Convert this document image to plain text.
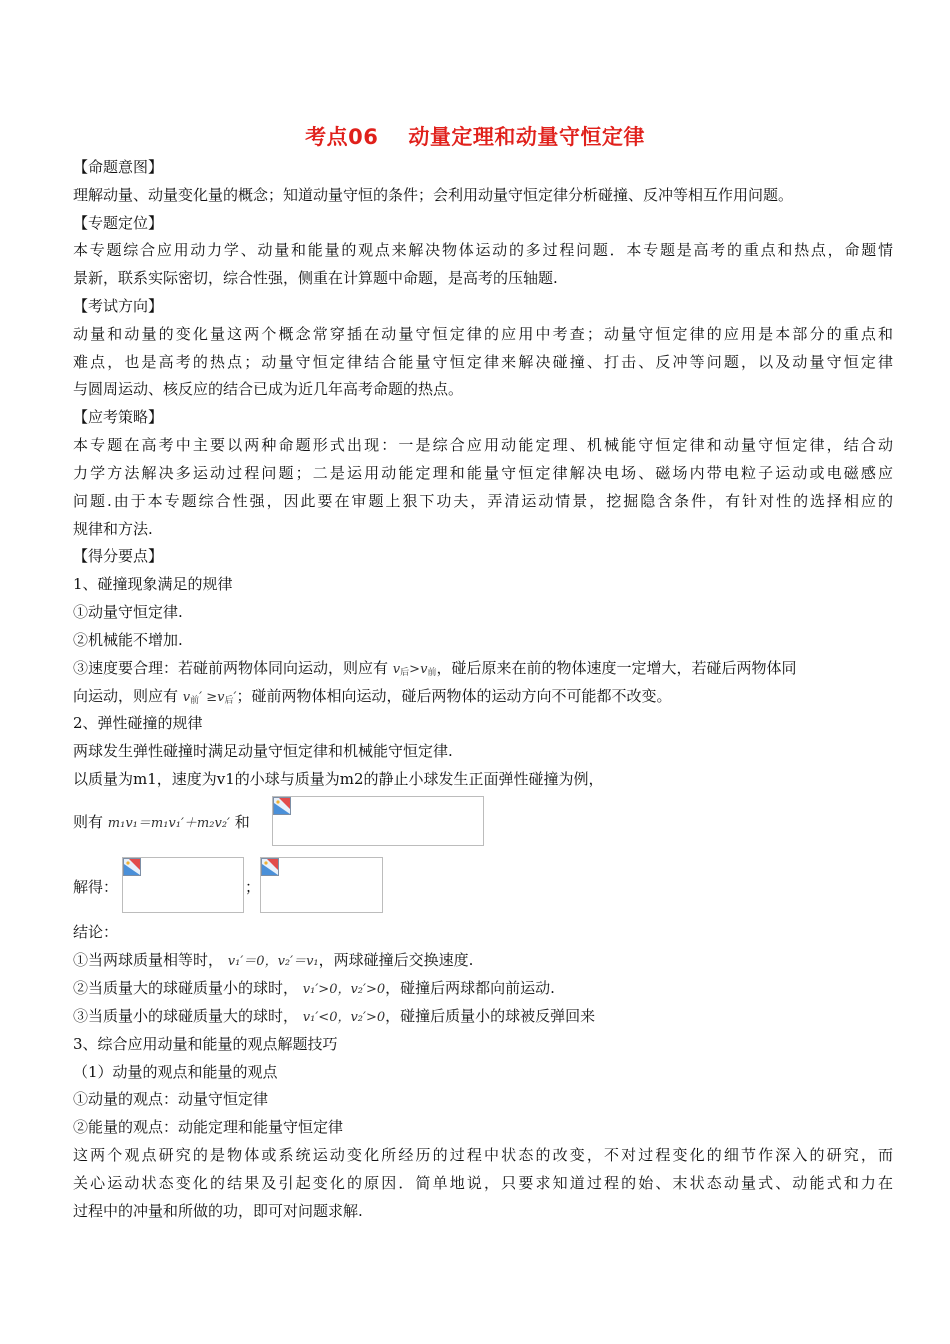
考点06 动量定理和动量守恒定律
【命题意图】
理解动量、动量变化量的概念；知道动量守恒的条件；会利用动量守恒定律分析碰撞、反冲等相互作用问题。
【专题定位】
本专题综合应用动力学、动量和能量的观点来解决物体运动的多过程问题．本专题是高考的重点和热点，命题情
景新，联系实际密切，综合性强，侧重在计算题中命题，是高考的压轴题.
【考试方向】
动量和动量的变化量这两个概念常穿插在动量守恒定律的应用中考查；动量守恒定律的应用是本部分的重点和
难点，也是高考的热点；动量守恒定律结合能量守恒定律来解决碰撞、打击、反冲等问题，以及动量守恒定律
与圆周运动、核反应的结合已成为近几年高考命题的热点。
【应考策略】
本专题在高考中主要以两种命题形式出现：一是综合应用动能定理、机械能守恒定律和动量守恒定律，结合动
力学方法解决多运动过程问题；二是运用动能定理和能量守恒定律解决电场、磁场内带电粒子运动或电磁感应
问题.由于本专题综合性强，因此要在审题上狠下功夫，弄清运动情景，挖掘隐含条件，有针对性的选择相应的
规律和方法.
【得分要点】
1、碰撞现象满足的规律
①动量守恒定律.
②机械能不增加.
③速度要合理：若碰前两物体同向运动，则应有 $v_后>v_前$，碰后原来在前的物体速度一定增大，若碰后两物体同
向运动，则应有 $v_前' \ge v_后'$；碰前两物体相向运动，碰后两物体的运动方向不可能都不改变。
2、弹性碰撞的规律
两球发生弹性碰撞时满足动量守恒定律和机械能守恒定律.
以质量为m1，速度为v1的小球与质量为m2的静止小球发生正面弹性碰撞为例，
则有 m₁v₁＝m₁v₁′＋m₂v₂′ 和
解得：	；
结论：
①当两球质量相等时， v₁′＝0，v₂′＝v₁，两球碰撞后交换速度.
②当质量大的球碰质量小的球时， v₁′>0，v₂′>0，碰撞后两球都向前运动.
③当质量小的球碰质量大的球时， v₁′<0，v₂′>0，碰撞后质量小的球被反弹回来
3、综合应用动量和能量的观点解题技巧
（1）动量的观点和能量的观点
①动量的观点：动量守恒定律
②能量的观点：动能定理和能量守恒定律
这两个观点研究的是物体或系统运动变化所经历的过程中状态的改变，不对过程变化的细节作深入的研究，而
关心运动状态变化的结果及引起变化的原因．简单地说，只要求知道过程的始、末状态动量式、动能式和力在
过程中的冲量和所做的功，即可对问题求解.
